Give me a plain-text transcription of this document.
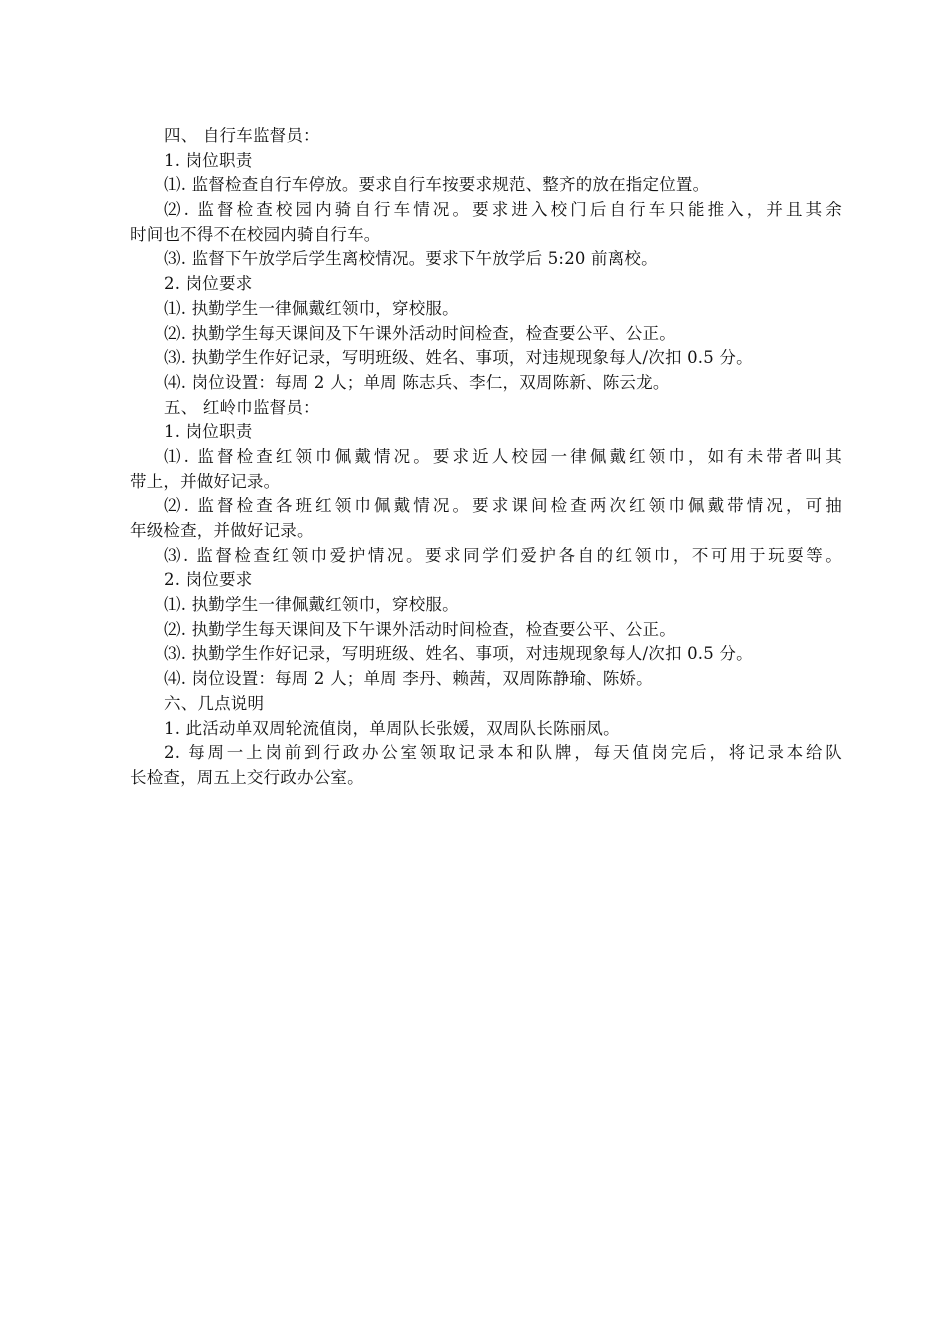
四、 自行车监督员：
1. 岗位职责
⑴. 监督检查自行车停放。要求自行车按要求规范、整齐的放在指定位置。
⑵. 监督检查校园内骑自行车情况。要求进入校门后自行车只能推入，并且其余
时间也不得不在校园内骑自行车。
⑶. 监督下午放学后学生离校情况。要求下午放学后 5:20 前离校。
2. 岗位要求
⑴. 执勤学生一律佩戴红领巾，穿校服。
⑵. 执勤学生每天课间及下午课外活动时间检查，检查要公平、公正。
⑶. 执勤学生作好记录，写明班级、姓名、事项，对违规现象每人/次扣 0.5 分。
⑷. 岗位设置：每周 2 人；单周 陈志兵、李仁，双周陈新、陈云龙。
五、 红岭巾监督员：
1. 岗位职责
⑴. 监督检查红领巾佩戴情况。要求近人校园一律佩戴红领巾，如有未带者叫其
带上，并做好记录。
⑵. 监督检查各班红领巾佩戴情况。要求课间检查两次红领巾佩戴带情况，可抽
年级检查，并做好记录。
⑶. 监督检查红领巾爱护情况。要求同学们爱护各自的红领巾，不可用于玩耍等。
2. 岗位要求
⑴. 执勤学生一律佩戴红领巾，穿校服。
⑵. 执勤学生每天课间及下午课外活动时间检查，检查要公平、公正。
⑶. 执勤学生作好记录，写明班级、姓名、事项，对违规现象每人/次扣 0.5 分。
⑷. 岗位设置：每周 2 人；单周 李丹、赖茜，双周陈静瑜、陈娇。
六、几点说明
1. 此活动单双周轮流值岗，单周队长张媛，双周队长陈丽凤。
2. 每周一上岗前到行政办公室领取记录本和队牌，每天值岗完后，将记录本给队
长检查，周五上交行政办公室。
